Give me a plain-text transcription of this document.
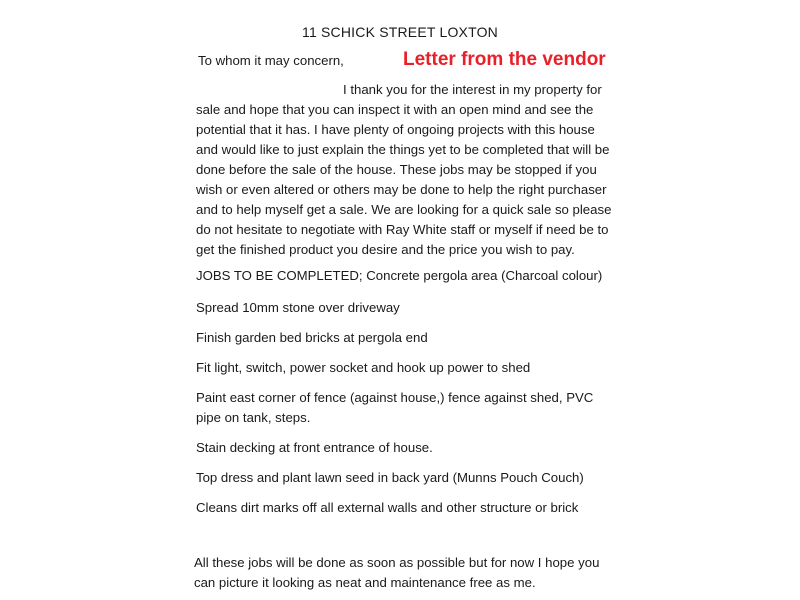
11 SCHICK STREET LOXTON
To whom it may concern,	Letter from the vendor

I thank you for the interest in my property for sale and hope that you can inspect it with an open mind and see the potential that it has. I have plenty of ongoing projects with this house and would like to just explain the things yet to be completed that will be done before the sale of the house. These jobs may be stopped if you wish or even altered or others may be done to help the right purchaser and to help myself get a sale. We are looking for a quick sale so please do not hesitate to negotiate with Ray White staff or myself if need be to get the finished product you desire and the price you wish to pay.

JOBS TO BE COMPLETED; Concrete pergola area (Charcoal colour)

Spread 10mm stone over driveway

Finish garden bed bricks at pergola end

Fit light, switch, power socket and hook up power to shed

Paint east corner of fence (against house,) fence against shed, PVC pipe on tank, steps.

Stain decking at front entrance of house.

Top dress and plant lawn seed in back yard (Munns Pouch Couch)

Cleans dirt marks off all external walls and other structure or brick

All these jobs will be done as soon as possible but for now I hope you can picture it looking as neat and maintenance free as me.
